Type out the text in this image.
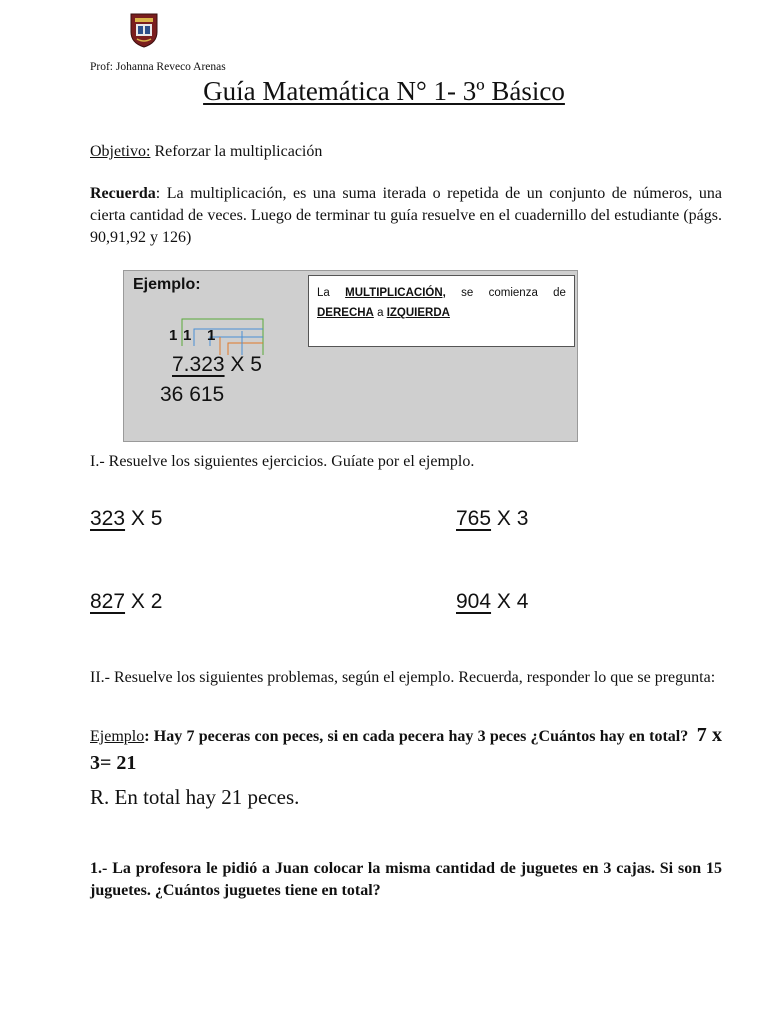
Prof: Johanna Reveco Arenas
Guía Matemática N° 1- 3º Básico
Objetivo: Reforzar la multiplicación
Recuerda: La multiplicación, es una suma iterada o repetida de un conjunto de números, una cierta cantidad de veces. Luego de terminar tu guía resuelve en el cuadernillo del estudiante (págs. 90,91,92 y 126)
Ejemplo:
1 1 1
7.323 X 5
36 615
La MULTIPLICACIÓN, se comienza de
DERECHA a IZQUIERDA
I.- Resuelve los siguientes ejercicios. Guíate por el ejemplo.
323 X 5	765 X 3
827 X 2	904 X 4
II.- Resuelve los siguientes problemas, según el ejemplo. Recuerda, responder lo que se pregunta:
Ejemplo: Hay 7 peceras con peces, si en cada pecera hay 3 peces ¿Cuántos hay en total? 7 x 3= 21
R. En total hay 21 peces.
1.- La profesora le pidió a Juan colocar la misma cantidad de juguetes en 3 cajas. Si son 15 juguetes. ¿Cuántos juguetes tiene en total?
